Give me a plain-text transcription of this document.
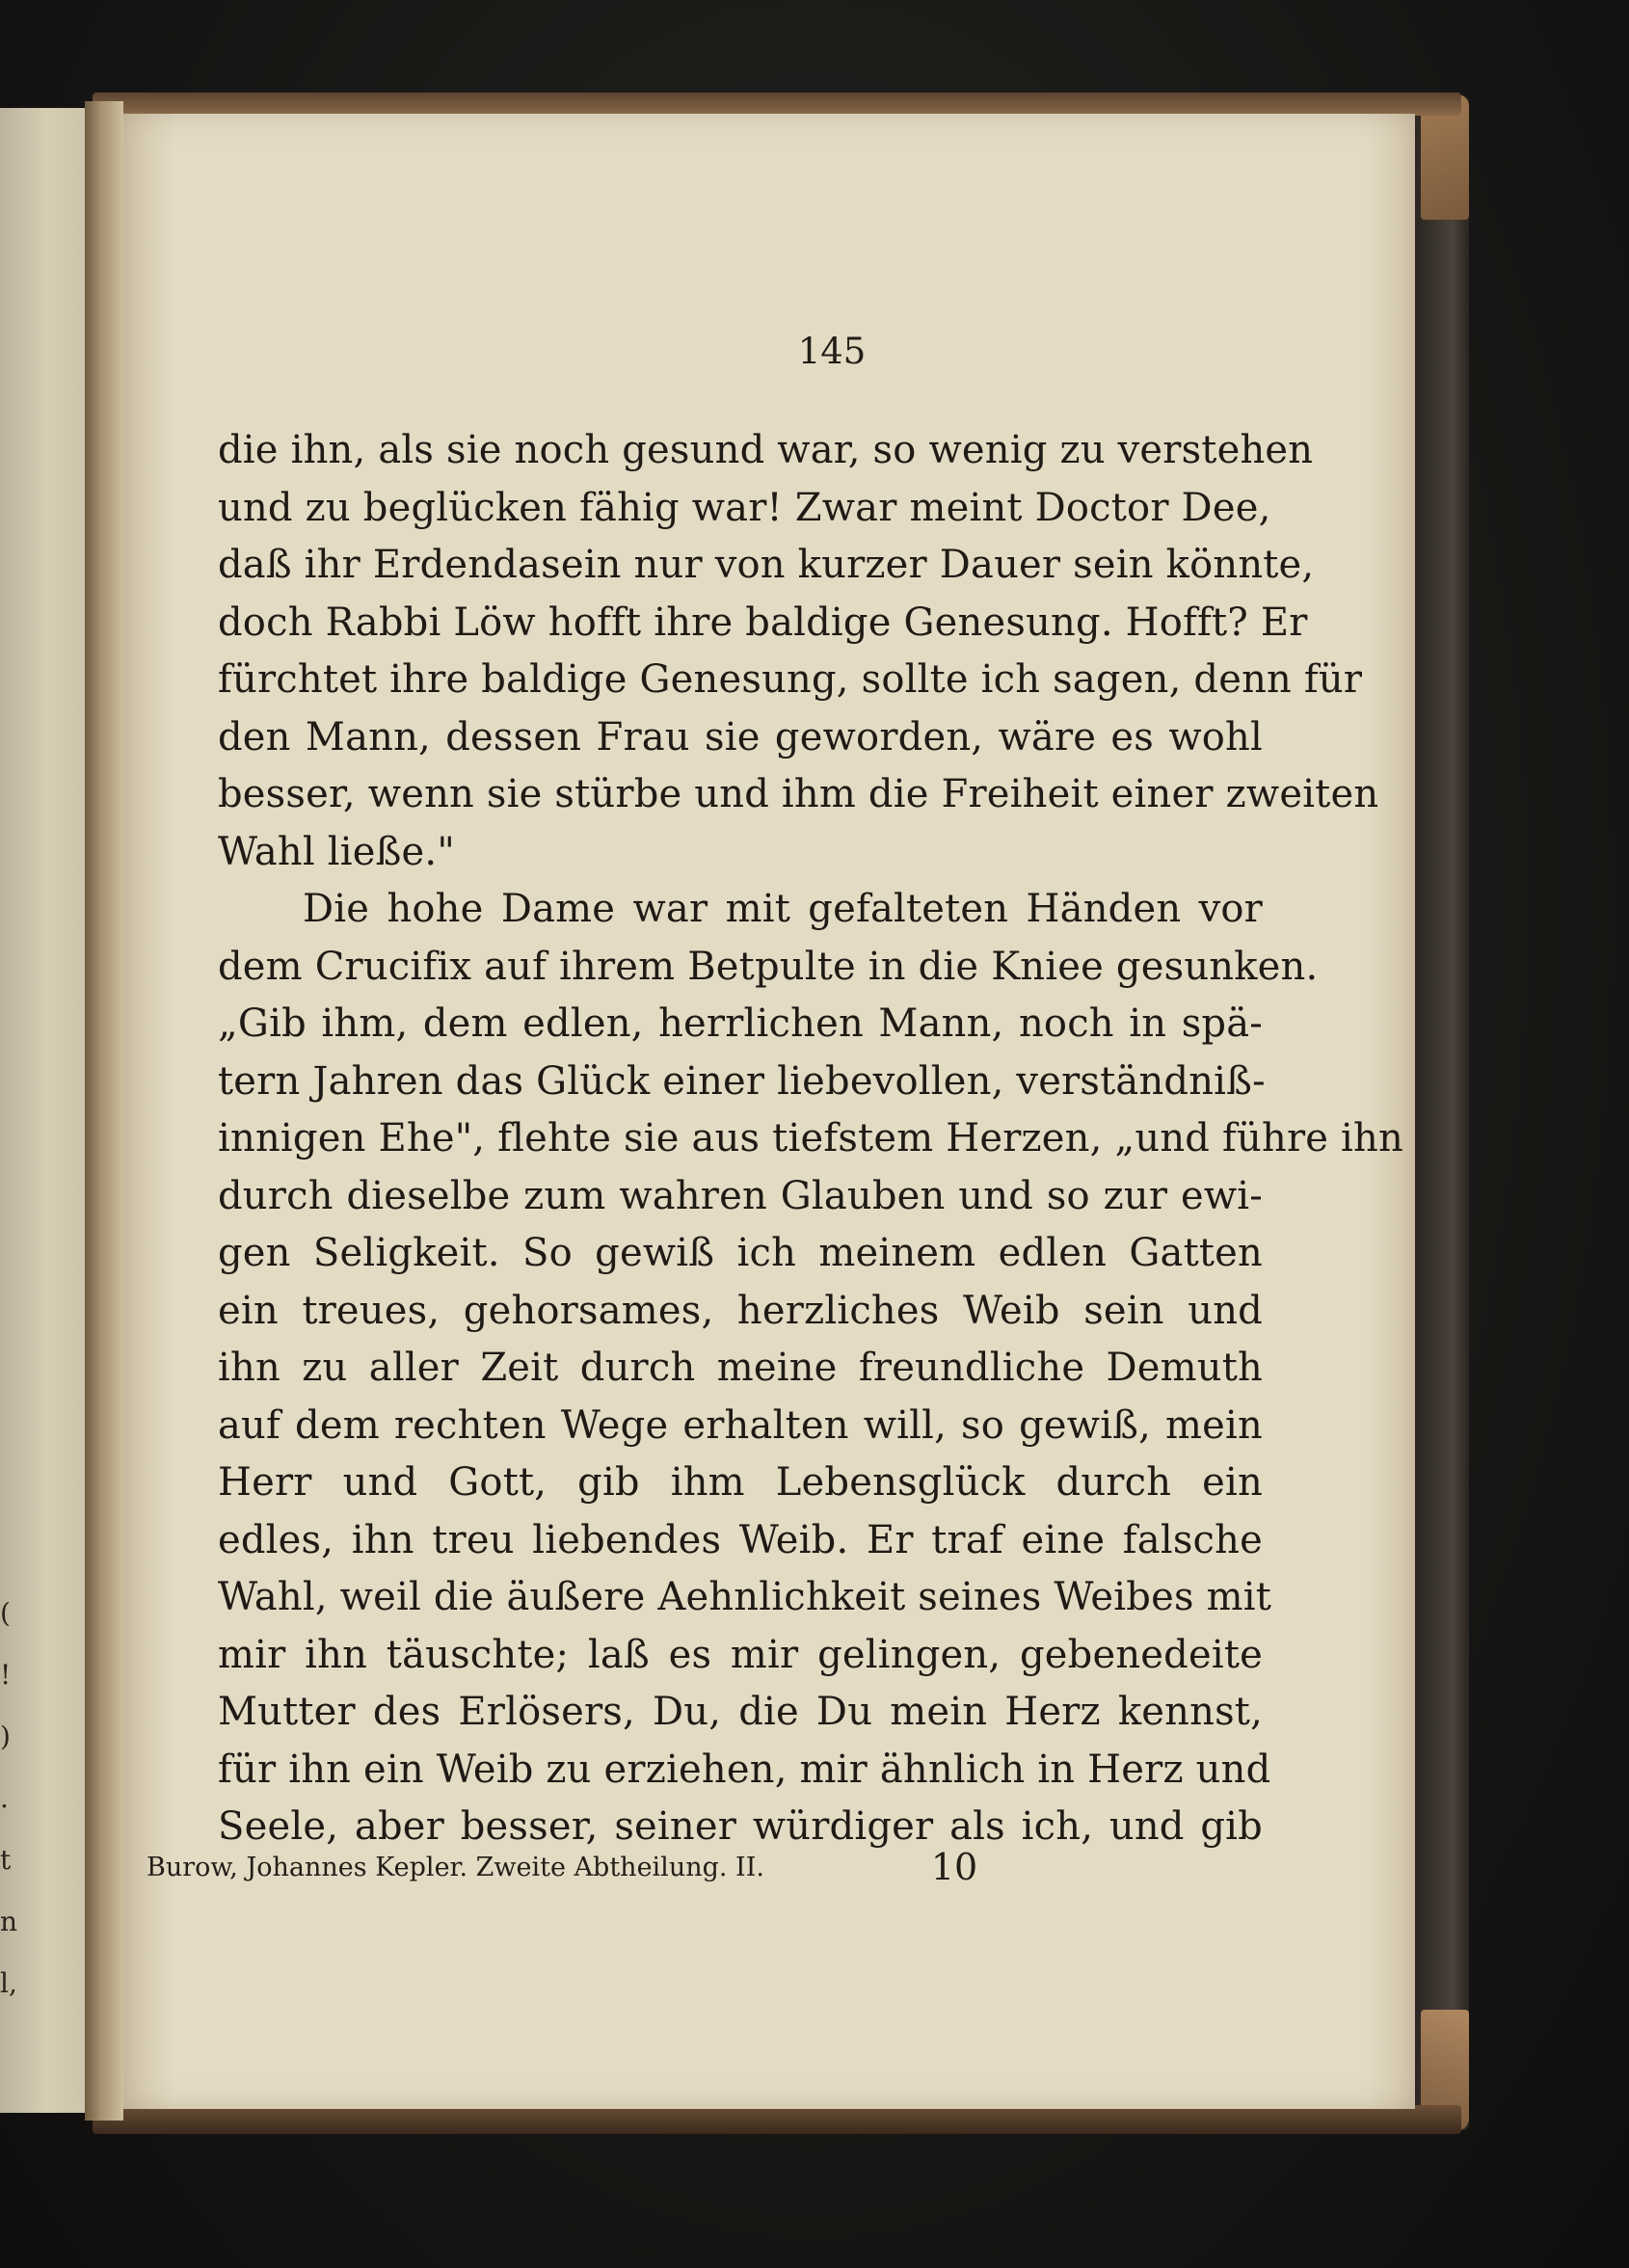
(
!
)
.
t
n
l,
145
die ihn, als sie noch gesund war, so wenig zu verstehen
und zu beglücken fähig war! Zwar meint Doctor Dee,
daß ihr Erdendasein nur von kurzer Dauer sein könnte,
doch Rabbi Löw hofft ihre baldige Genesung. Hofft? Er
fürchtet ihre baldige Genesung, sollte ich sagen, denn für
den Mann, dessen Frau sie geworden, wäre es wohl
besser, wenn sie stürbe und ihm die Freiheit einer zweiten
Wahl ließe."
Die hohe Dame war mit gefalteten Händen vor
dem Crucifix auf ihrem Betpulte in die Kniee gesunken.
„Gib ihm, dem edlen, herrlichen Mann, noch in spä-
tern Jahren das Glück einer liebevollen, verständniß-
innigen Ehe", flehte sie aus tiefstem Herzen, „und führe ihn
durch dieselbe zum wahren Glauben und so zur ewi-
gen Seligkeit. So gewiß ich meinem edlen Gatten
ein treues, gehorsames, herzliches Weib sein und
ihn zu aller Zeit durch meine freundliche Demuth
auf dem rechten Wege erhalten will, so gewiß, mein
Herr und Gott, gib ihm Lebensglück durch ein
edles, ihn treu liebendes Weib. Er traf eine falsche
Wahl, weil die äußere Aehnlichkeit seines Weibes mit
mir ihn täuschte; laß es mir gelingen, gebenedeite
Mutter des Erlösers, Du, die Du mein Herz kennst,
für ihn ein Weib zu erziehen, mir ähnlich in Herz und
Seele, aber besser, seiner würdiger als ich, und gib
Burow, Johannes Kepler. Zweite Abtheilung. II.	10
